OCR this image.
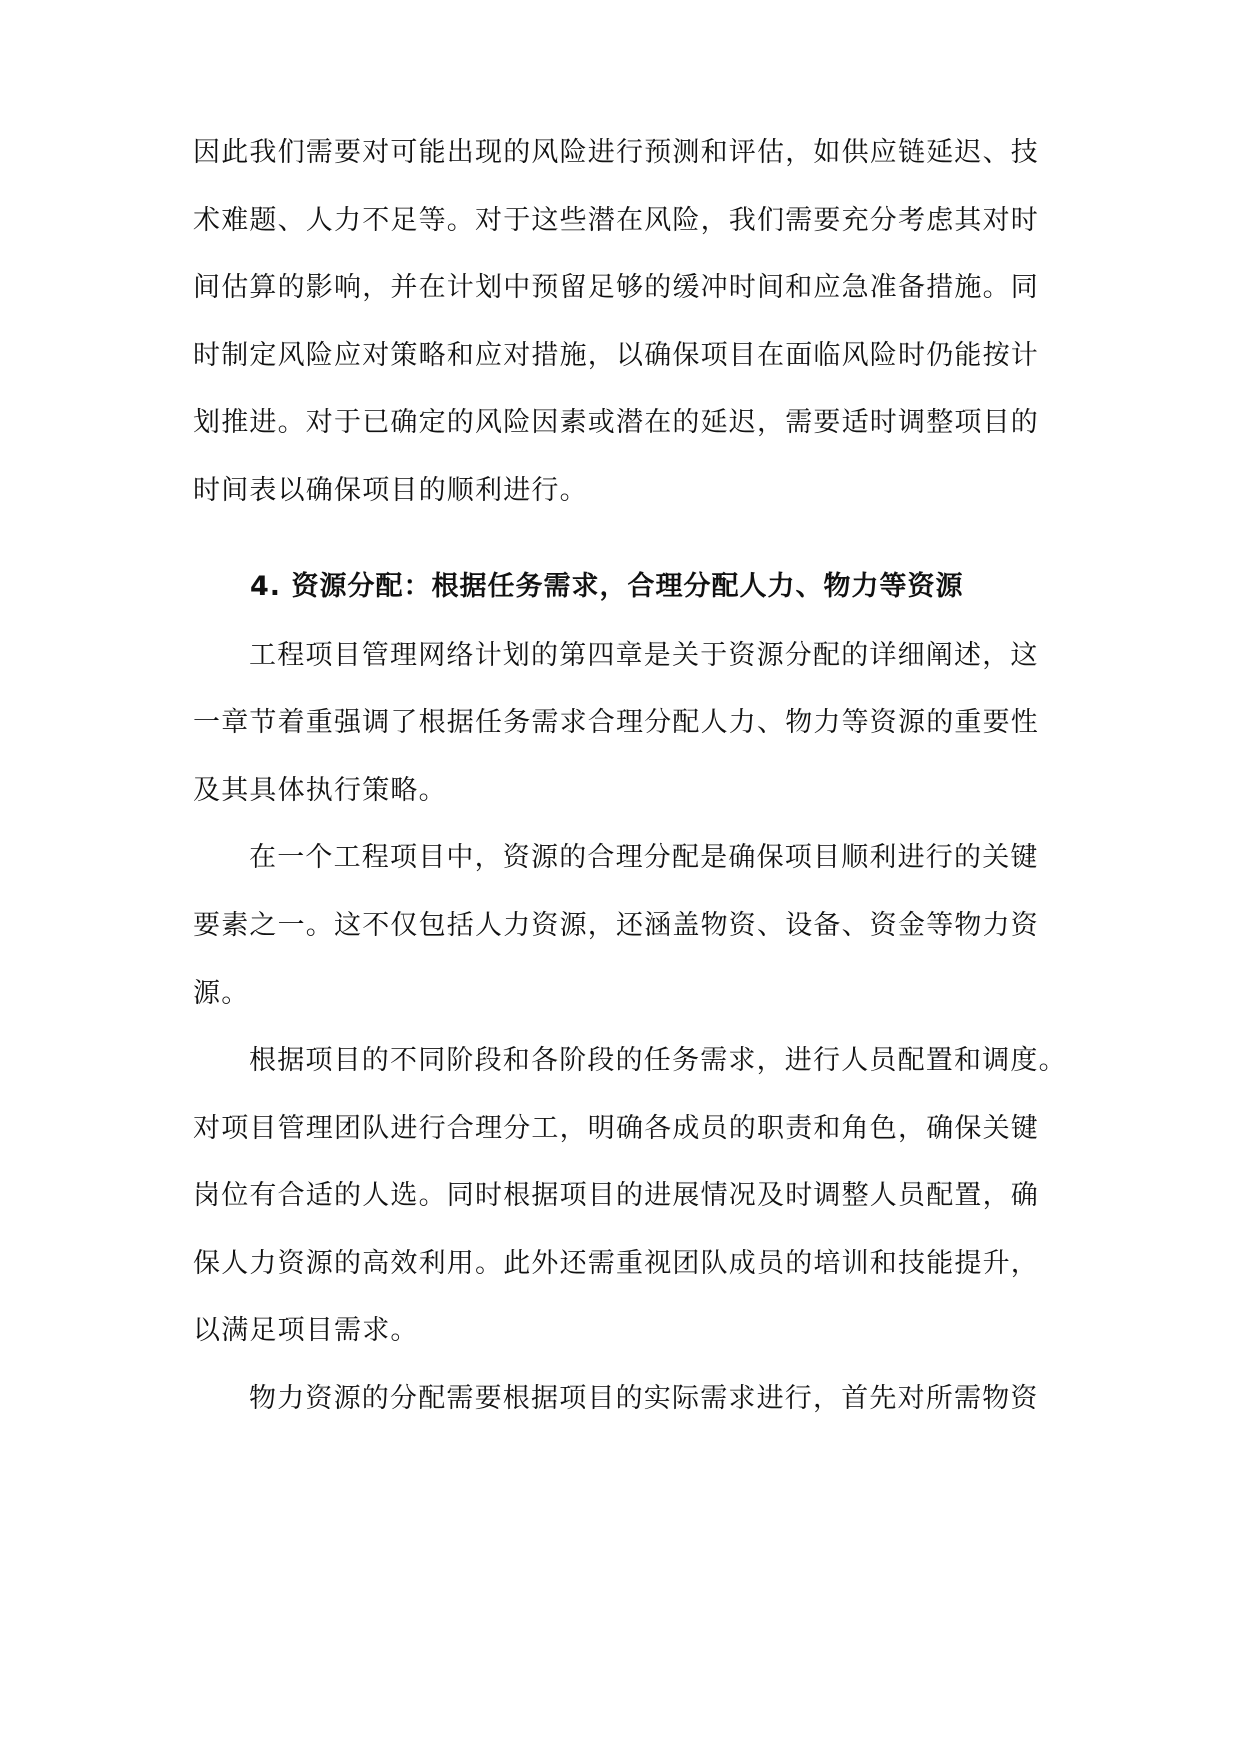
因此我们需要对可能出现的风险进行预测和评估，如供应链延迟、技
术难题、人力不足等。对于这些潜在风险，我们需要充分考虑其对时
间估算的影响，并在计划中预留足够的缓冲时间和应急准备措施。同
时制定风险应对策略和应对措施，以确保项目在面临风险时仍能按计
划推进。对于已确定的风险因素或潜在的延迟，需要适时调整项目的
时间表以确保项目的顺利进行。
4. 资源分配：根据任务需求，合理分配人力、物力等资源
工程项目管理网络计划的第四章是关于资源分配的详细阐述，这
一章节着重强调了根据任务需求合理分配人力、物力等资源的重要性
及其具体执行策略。
在一个工程项目中，资源的合理分配是确保项目顺利进行的关键
要素之一。这不仅包括人力资源，还涵盖物资、设备、资金等物力资
源。
根据项目的不同阶段和各阶段的任务需求，进行人员配置和调度。
对项目管理团队进行合理分工，明确各成员的职责和角色，确保关键
岗位有合适的人选。同时根据项目的进展情况及时调整人员配置，确
保人力资源的高效利用。此外还需重视团队成员的培训和技能提升，
以满足项目需求。
物力资源的分配需要根据项目的实际需求进行，首先对所需物资
